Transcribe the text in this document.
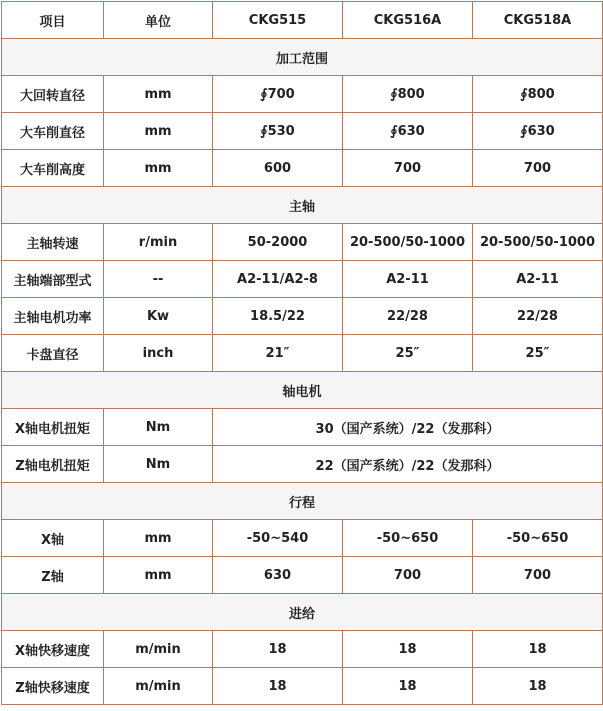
项目	单位	CKG515	CKG516A	CKG518A
加工范围				
大回转直径	mm	∮700	∮800	∮800
大车削直径	mm	∮530	∮630	∮630
大车削高度	mm	600	700	700
主轴				
主轴转速	r/min	50-2000	20-500/50-1000	20-500/50-1000
主轴端部型式	--	A2-11/A2-8	A2-11	A2-11
主轴电机功率	Kw	18.5/22	22/28	22/28
卡盘直径	inch	21″	25″	25″
轴电机				
X轴电机扭矩	Nm	30（国产系统）/22（发那科）		
Z轴电机扭矩	Nm	22（国产系统）/22（发那科）		
行程				
X轴	mm	-50~540	-50~650	-50~650
Z轴	mm	630	700	700
进给				
X轴快移速度	m/min	18	18	18
Z轴快移速度	m/min	18	18	18
